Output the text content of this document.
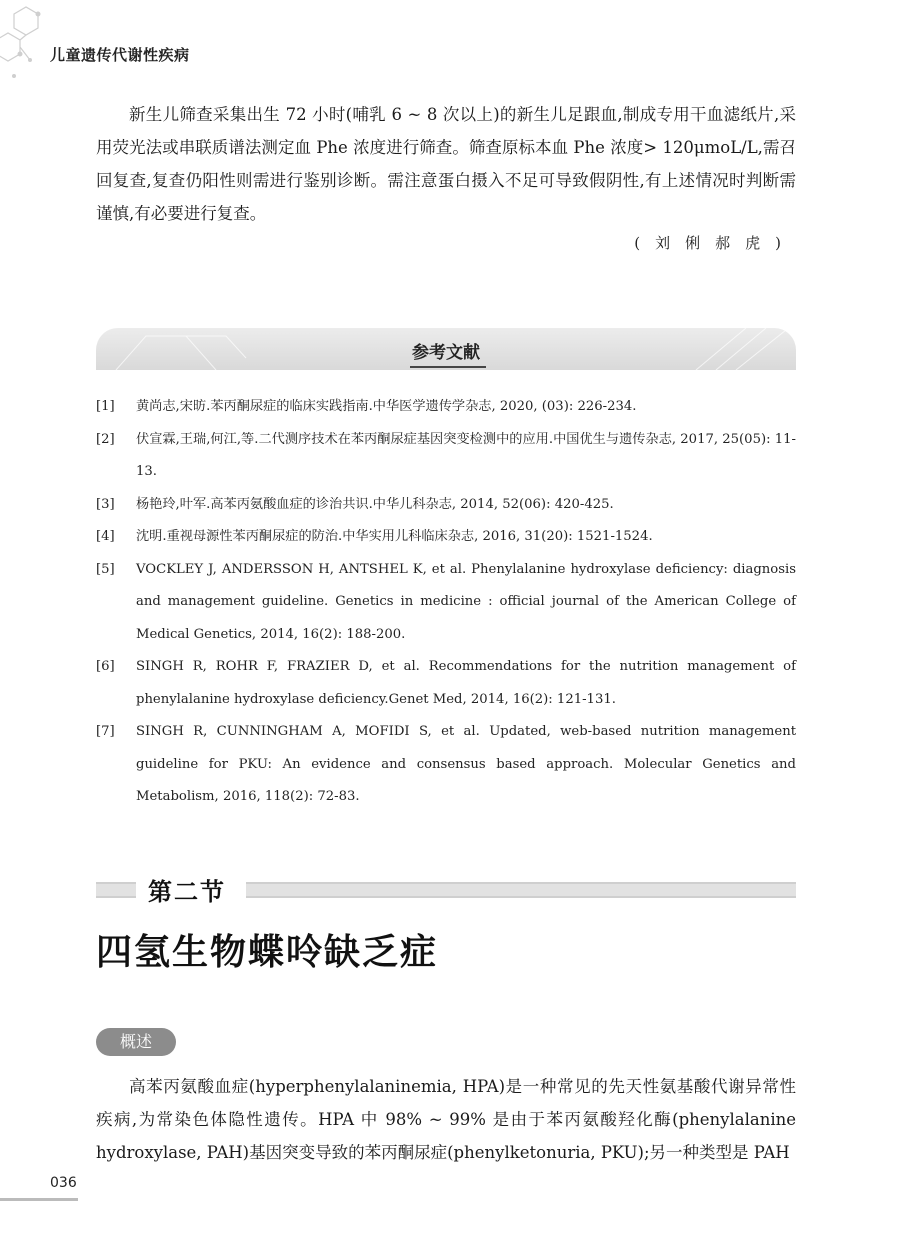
儿童遗传代谢性疾病

新生儿筛查采集出生 72 小时(哺乳 6 ~ 8 次以上)的新生儿足跟血,制成专用干血滤纸片,采用荧光法或串联质谱法测定血 Phe 浓度进行筛查。筛查原标本血 Phe 浓度> 120μmoL/L,需召回复查,复查仍阳性则需进行鉴别诊断。需注意蛋白摄入不足可导致假阴性,有上述情况时判断需谨慎,有必要进行复查。

(刘俐郝虎)
参考文献
[1]	黄尚志,宋昉.苯丙酮尿症的临床实践指南.中华医学遗传学杂志, 2020, (03): 226-234.
[2]	伏宣霖,王瑞,何江,等.二代测序技术在苯丙酮尿症基因突变检测中的应用.中国优生与遗传杂志, 2017, 25(05): 11-13.
[3]	杨艳玲,叶军.高苯丙氨酸血症的诊治共识.中华儿科杂志, 2014, 52(06): 420-425.
[4]	沈明.重视母源性苯丙酮尿症的防治.中华实用儿科临床杂志, 2016, 31(20): 1521-1524.
[5]	VOCKLEY J, ANDERSSON H, ANTSHEL K, et al. Phenylalanine hydroxylase deficiency: diagnosis and management guideline. Genetics in medicine : official journal of the American College of Medical Genetics, 2014, 16(2): 188-200.
[6]	SINGH R, ROHR F, FRAZIER D, et al. Recommendations for the nutrition management of phenylalanine hydroxylase deficiency.Genet Med, 2014, 16(2): 121-131.
[7]	SINGH R, CUNNINGHAM A, MOFIDI S, et al. Updated, web-based nutrition management guideline for PKU: An evidence and consensus based approach. Molecular Genetics and Metabolism, 2016, 118(2): 72-83.
第二节
四氢生物蝶呤缺乏症
概述

高苯丙氨酸血症(hyperphenylalaninemia, HPA)是一种常见的先天性氨基酸代谢异常性疾病,为常染色体隐性遗传。HPA 中 98% ~ 99% 是由于苯丙氨酸羟化酶(phenylalanine hydroxylase, PAH)基因突变导致的苯丙酮尿症(phenylketonuria, PKU);另一种类型是 PAH

036
